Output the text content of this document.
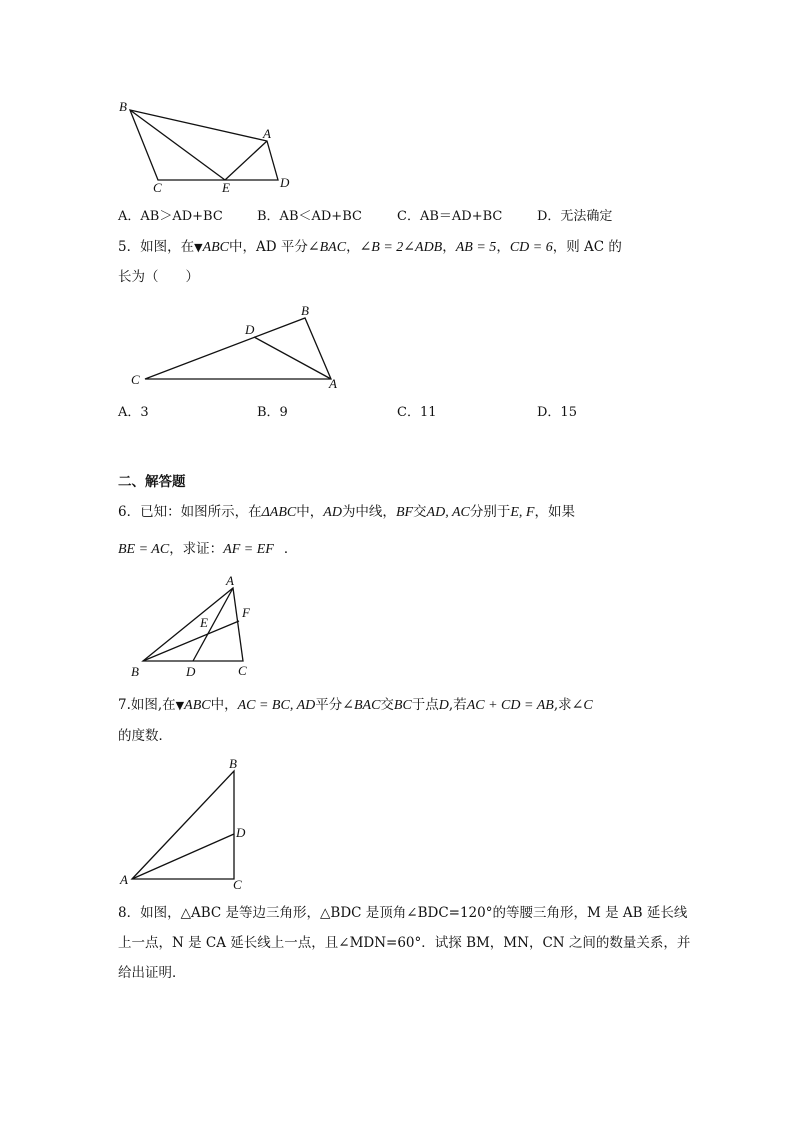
B
A
C	E	D
A．AB＞AD+BC	B．AB＜AD+BC	C．AB＝AD+BC	D．无法确定
5．如图，在▼ABC中，AD 平分∠BAC，∠B = 2∠ADB，AB = 5，CD = 6，则 AC 的
长为（　　）
B
D
C	A
A．3	B．9	C．11	D．15
二、解答题
6．已知：如图所示，在ΔABC中，AD为中线，BF交AD, AC分别于E, F，如果
BE = AC，求证：AF = EF ．
A
F
E
B	D	C
7.如图,在▼ABC中，AC = BC, AD平分∠BAC交BC于点D,若AC + CD = AB,求∠C
的度数．
B
D
A	C
8．如图，△ABC 是等边三角形，△BDC 是顶角∠BDC=120°的等腰三角形，M 是 AB 延长线
上一点，N 是 CA 延长线上一点，且∠MDN=60°．试探 BM，MN，CN 之间的数量关系，并
给出证明．
